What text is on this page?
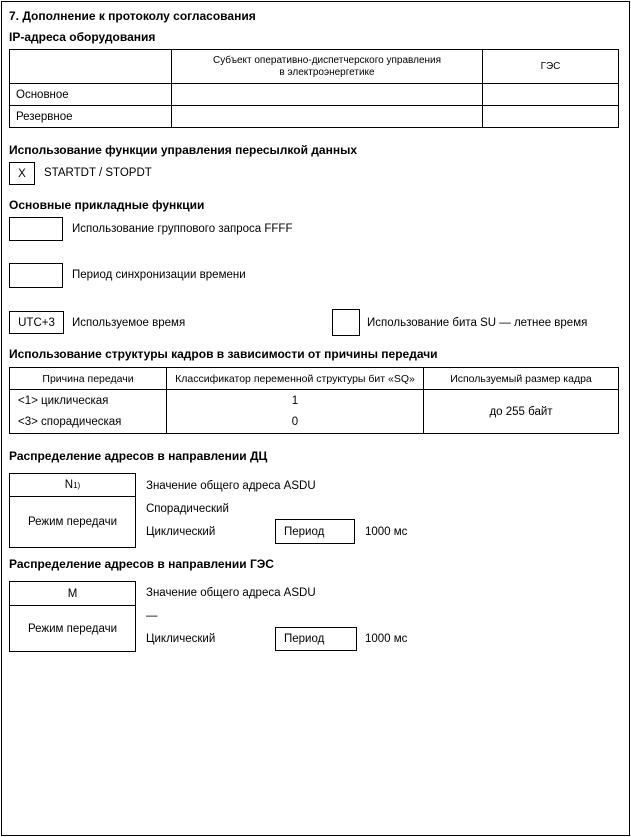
7. Дополнение к протоколу согласования
IP-адреса оборудования

	Субъект оперативно-диспетчерского управления
в электроэнергетике	ГЭС
Основное		
Резервное		
Использование функции управления пересылкой данных
X	STARTDT / STOPDT
Основные прикладные функции
Использование группового запроса FFFF
Период синхронизации времени
UTC+3	Используемое время	Использование бита SU — летнее время
Использование структуры кадров в зависимости от причины передачи
Причина передачи	Классификатор переменной структуры бит «SQ»	Используемый размер кадра
<1> циклическая	1	до 255 байт
<3> спорадическая	0	
Распределение адресов в направлении ДЦ
N 1)
Режим передачи
Значение общего адреса ASDU
Спорадический
Циклический	Период	1000 мс
Распределение адресов в направлении ГЭС
M
Режим передачи
Значение общего адреса ASDU
—
Циклический	Период	1000 мс
